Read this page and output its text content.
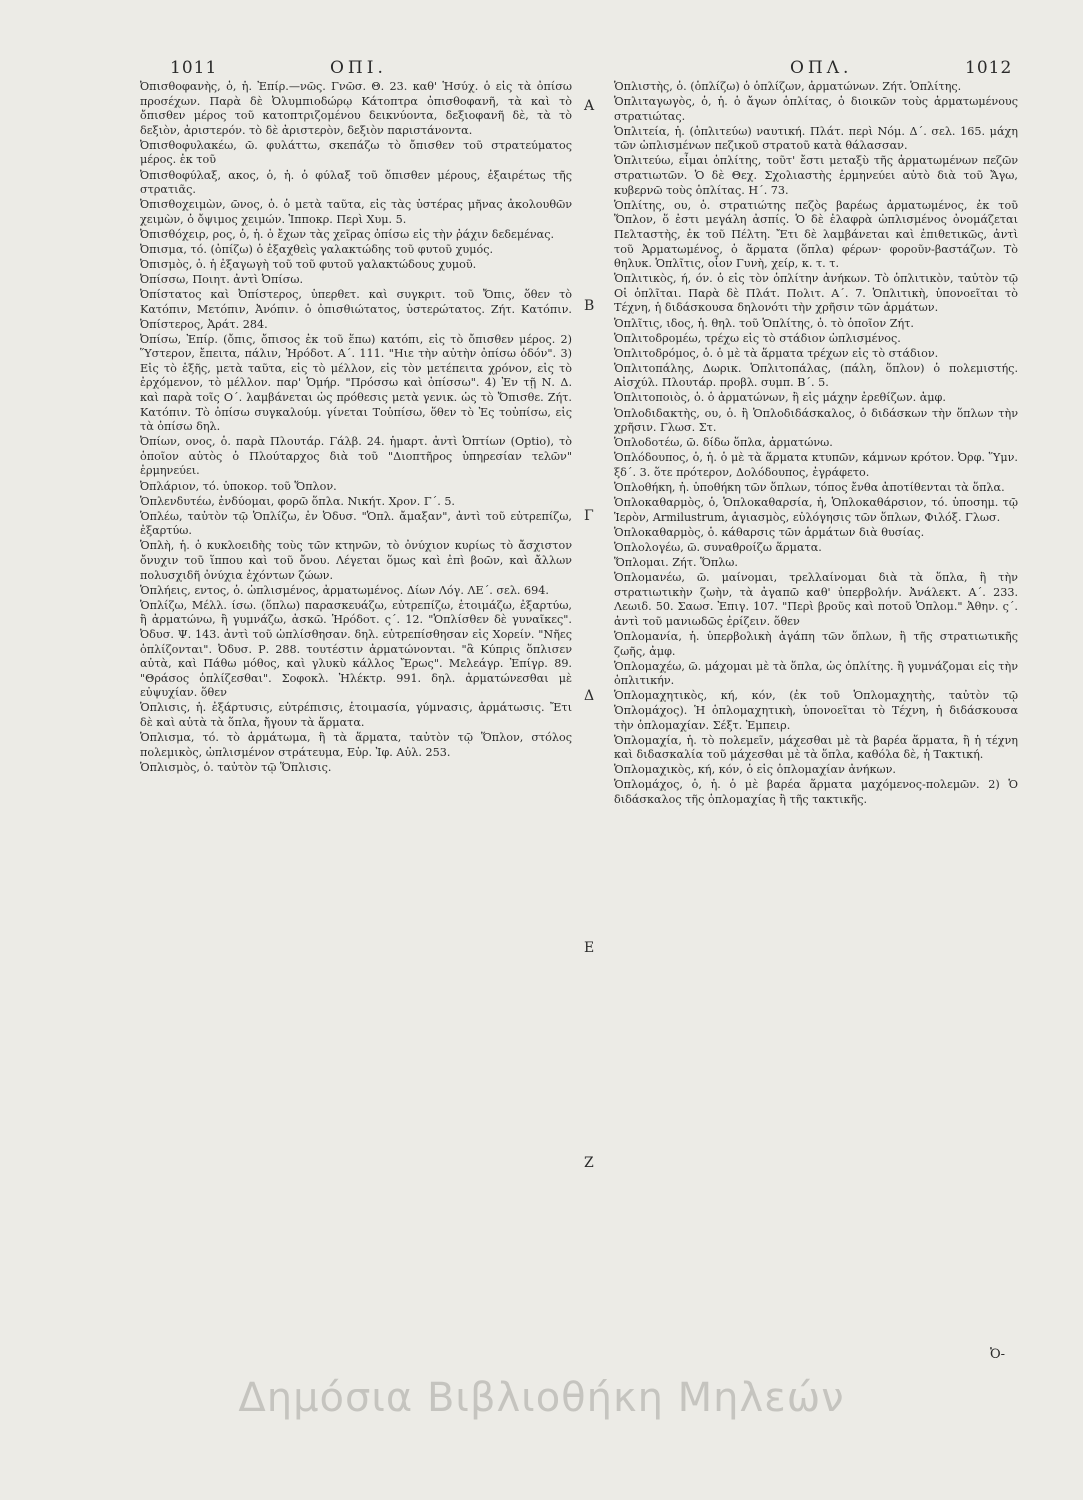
1011	ΟΠΙ.	ΟΠΛ.	1012

Ὀπισθοφανὴς, ὁ, ἡ. Ἐπίρ.—νῶς. Γνῶσ. Θ. 23. καθ' Ἡσύχ. ὁ εἰς τὰ ὀπίσω προσέχων. Παρὰ δὲ Ὀλυμπιοδώρῳ Κάτοπτρα ὀπισθοφανῆ, τὰ καὶ τὸ ὄπισθεν μέρος τοῦ κατοπτριζομένου δεικνύοντα, δεξιοφανῆ δὲ, τὰ τὸ δεξιὸν, ἀριστερόν. τὸ δὲ ἀριστερὸν, δεξιὸν παριστάνοντα.

Ὀπισθοφυλακέω, ῶ. φυλάττω, σκεπάζω τὸ ὄπισθεν τοῦ στρατεύματος μέρος. ἐκ τοῦ

Ὀπισθοφύλαξ, ακος, ὁ, ἡ. ὁ φύλαξ τοῦ ὄπισθεν μέρους, ἐξαιρέτως τῆς στρατιᾶς.

Ὀπισθοχειμὼν, ῶνος, ὁ. ὁ μετὰ ταῦτα, εἰς τὰς ὑστέρας μῆνας ἀκολουθῶν χειμὼν, ὁ ὄψιμος χειμών. Ἱπποκρ. Περὶ Χυμ. 5.

Ὀπισθόχειρ, ρος, ὁ, ἡ. ὁ ἔχων τὰς χεῖρας ὀπίσω εἰς τὴν ῥάχιν δεδεμένας.

Ὀπισμα, τό. (ὀπίζω) ὁ ἐξαχθεὶς γαλακτώδης τοῦ φυτοῦ χυμός.

Ὀπισμὸς, ὁ. ἡ ἐξαγωγὴ τοῦ τοῦ φυτοῦ γαλακτώδους χυμοῦ.

Ὀπίσσω, Ποιητ. ἀντὶ Ὀπίσω.

Ὀπίστατος καὶ Ὀπίστερος, ὑπερθετ. καὶ συγκριτ. τοῦ Ὄπις, ὅθεν τὸ Κατόπιν, Μετόπιν, Ἀνόπιν. ὁ ὀπισθιώτατος, ὑστερώτατος. Ζήτ. Κατόπιν. Ὀπίστερος, Ἀράτ. 284.

Ὀπίσω, Ἐπίρ. (ὄπις, ὄπισος ἐκ τοῦ ἕπω) κατόπι, εἰς τὸ ὄπισθεν μέρος. 2) Ὕστερον, ἔπειτα, πάλιν, Ἡρόδοτ. Α΄. 111. "Ηιε τὴν αὐτὴν ὀπίσω ὁδόν". 3) Εἰς τὸ ἑξῆς, μετὰ ταῦτα, εἰς τὸ μέλλον, εἰς τὸν μετέπειτα χρόνον, εἰς τὸ ἐρχόμενον, τὸ μέλλον. παρ' Ὁμήρ. "Πρόσσω καὶ ὀπίσσω". 4) Ἐν τῇ Ν. Δ. καὶ παρὰ τοῖς Ο΄. λαμβάνεται ὡς πρόθεσις μετὰ γενικ. ὡς τὸ Ὄπισθε. Ζήτ. Κατόπιν. Τὸ ὀπίσω συγκαλούμ. γίνεται Τοὐπίσω, ὅθεν τὸ Ἐς τοὐπίσω, εἰς τὰ ὀπίσω δηλ.

Ὀπίων, ονος, ὁ. παρὰ Πλουτάρ. Γάλβ. 24. ἡμαρτ. ἀντὶ Ὀπτίων (Optio), τὸ ὁποῖον αὐτὸς ὁ Πλούταρχος διὰ τοῦ "Διοπτῆρος ὑπηρεσίαν τελῶν" ἑρμηνεύει.

Ὀπλάριον, τό. ὑποκορ. τοῦ Ὅπλον.

Ὁπλενδυτέω, ἐνδύομαι, φορῶ ὅπλα. Νικήτ. Χρον. Γ΄. 5.

Ὁπλέω, ταὐτὸν τῷ Ὁπλίζω, ἐν Ὀδυσ. "Ὁπλ. ἄμαξαν", ἀντὶ τοῦ εὐτρεπίζω, ἐξαρτύω.

Ὁπλὴ, ἡ. ὁ κυκλοειδὴς τοὺς τῶν κτηνῶν, τὸ ὀνύχιον κυρίως τὸ ἄσχιστον ὄνυχιν τοῦ ἵππου καὶ τοῦ ὄνου. Λέγεται ὅμως καὶ ἐπὶ βοῶν, καὶ ἄλλων πολυσχιδῆ ὀνύχια ἐχόντων ζώων.

Ὁπλήεις, εντος, ὁ. ὡπλισμένος, ἀρματωμένος. Δίων Λόγ. ΛΕ΄. σελ. 694.

Ὁπλίζω, Μέλλ. ίσω. (ὅπλω) παρασκευάζω, εὐτρεπίζω, ἑτοιμάζω, ἐξαρτύω, ἢ ἀρματώνω, ἢ γυμνάζω, ἀσκῶ. Ἡρόδοτ. ς΄. 12. "Ὁπλίσθεν δὲ γυναῖκες". Ὀδυσ. Ψ. 143. ἀντὶ τοῦ ὡπλίσθησαν. δηλ. εὐτρεπίσθησαν εἰς Χορείν. "Νῆες ὁπλίζονται". Ὀδυσ. Ρ. 288. τουτέστιν ἀρματώνονται. "ἃ Κύπρις ὅπλισεν αὐτὰ, καὶ Πάθω μόθος, καὶ γλυκὺ κάλλος Ἔρως". Μελεάγρ. Ἐπίγρ. 89. "Θράσος ὁπλίζεσθαι". Σοφοκλ. Ἠλέκτρ. 991. δηλ. ἀρματώνεσθαι μὲ εὐψυχίαν. ὅθεν

Ὁπλισις, ἡ. ἐξάρτυσις, εὐτρέπισις, ἑτοιμασία, γύμνασις, ἀρμάτωσις. Ἔτι δὲ καὶ αὐτὰ τὰ ὅπλα, ἤγουν τὰ ἅρματα.

Ὁπλισμα, τό. τὸ ἁρμάτωμα, ἢ τὰ ἅρματα, ταὐτὸν τῷ Ὅπλον, στόλος πολεμικὸς, ὡπλισμένον στράτευμα, Εὐρ. Ἰφ. Αὐλ. 253.

Ὁπλισμὸς, ὁ. ταὐτὸν τῷ Ὅπλισις.

A
B
Γ
Δ
E
Z

Ὁπλιστὴς, ὁ. (ὁπλίζω) ὁ ὁπλίζων, ἀρματώνων. Ζήτ. Ὁπλίτης.

Ὁπλιταγωγὸς, ὁ, ἡ. ὁ ἄγων ὁπλίτας, ὁ διοικῶν τοὺς ἀρματωμένους στρατιώτας.

Ὁπλιτεία, ἡ. (ὁπλιτεύω) ναυτική. Πλάτ. περὶ Νόμ. Δ΄. σελ. 165. μάχη τῶν ὡπλισμένων πεζικοῦ στρατοῦ κατὰ θάλασσαν.

Ὁπλιτεύω, εἶμαι ὁπλίτης, τοῦτ' ἔστι μεταξὺ τῆς ἁρματωμένων πεζῶν στρατιωτῶν. Ὁ δὲ Θεχ. Σχολιαστὴς ἑρμηνεύει αὐτὸ διὰ τοῦ Ἄγω, κυβερνῶ τοὺς ὁπλίτας. Η΄. 73.

Ὁπλίτης, ου, ὁ. στρατιώτης πεζὸς βαρέως ἀρματωμένος, ἐκ τοῦ Ὅπλον, ὅ ἐστι μεγάλη ἀσπίς. Ὁ δὲ ἐλαφρὰ ὡπλισμένος ὀνομάζεται Πελταστὴς, ἐκ τοῦ Πέλτη. Ἔτι δὲ λαμβάνεται καὶ ἐπιθετικῶς, ἀντὶ τοῦ Ἀρματωμένος, ὁ ἅρματα (ὅπλα) φέρων· φοροῦν-βαστάζων. Τὸ θηλυκ. Ὁπλῖτις, οἷον Γυνὴ, χείρ, κ. τ. τ.

Ὁπλιτικὸς, ή, όν. ὁ εἰς τὸν ὁπλίτην ἀνήκων. Τὸ ὁπλιτικὸν, ταὐτὸν τῷ Οἱ ὁπλῖται. Παρὰ δὲ Πλάτ. Πολιτ. Α΄. 7. Ὁπλιτικὴ, ὑπονοεῖται τὸ Τέχνη, ἡ διδάσκουσα δηλονότι τὴν χρῆσιν τῶν ἁρμάτων.

Ὁπλῖτις, ιδος, ἡ. θηλ. τοῦ Ὁπλίτης, ὁ. τὸ ὁποῖον Ζήτ.

Ὁπλιτοδρομέω, τρέχω εἰς τὸ στάδιον ὡπλισμένος.

Ὁπλιτοδρόμος, ὁ. ὁ μὲ τὰ ἅρματα τρέχων εἰς τὸ στάδιον.

Ὁπλιτοπάλης, Δωρικ. Ὁπλιτοπάλας, (πάλη, ὅπλον) ὁ πολεμιστής. Αἰσχύλ. Πλουτάρ. προβλ. συμπ. Β΄. 5.

Ὁπλιτοποιὸς, ὁ. ὁ ἀρματώνων, ἢ εἰς μάχην ἐρεθίζων. ἀμφ.

Ὁπλοδιδακτὴς, ου, ὁ. ἢ Ὁπλοδιδάσκαλος, ὁ διδάσκων τὴν ὅπλων τὴν χρῆσιν. Γλωσ. Στ.

Ὁπλοδοτέω, ῶ. δίδω ὅπλα, ἀρματώνω.

Ὁπλόδουπος, ὁ, ἡ. ὁ μὲ τὰ ἅρματα κτυπῶν, κάμνων κρότον. Ὀρφ. Ὕμν. ξδ΄. 3. ὅτε πρότερον, Δολόδουπος, ἐγράφετο.

Ὁπλοθήκη, ἡ. ὑποθήκη τῶν ὅπλων, τόπος ἔνθα ἀποτίθενται τὰ ὅπλα.

Ὁπλοκαθαρμὸς, ὁ, Ὁπλοκαθαρσία, ἡ, Ὁπλοκαθάρσιον, τό. ὑποσημ. τῷ Ἱερὸν, Armilustrum, ἁγιασμὸς, εὐλόγησις τῶν ὅπλων, Φιλόξ. Γλωσ.

Ὁπλοκαθαρμὸς, ὁ. κάθαρσις τῶν ἁρμάτων διὰ θυσίας.

Ὁπλολογέω, ῶ. συναθροίζω ἅρματα.

Ὅπλομαι. Ζήτ. Ὅπλω.

Ὁπλομανέω, ῶ. μαίνομαι, τρελλαίνομαι διὰ τὰ ὅπλα, ἢ τὴν στρατιωτικὴν ζωὴν, τὰ ἀγαπῶ καθ' ὑπερβολήν. Ἀνάλεκτ. Α΄. 233. Λεωιδ. 50. Σαωσ. Ἐπιγ. 107. "Περὶ βροῦς καὶ ποτοῦ Ὁπλομ." Ἀθην. ς΄. ἀντὶ τοῦ μανιωδῶς ἐρίζειν. ὅθεν

Ὁπλομανία, ἡ. ὑπερβολικὴ ἀγάπη τῶν ὅπλων, ἢ τῆς στρατιωτικῆς ζωῆς, ἀμφ.

Ὁπλομαχέω, ῶ. μάχομαι μὲ τὰ ὅπλα, ὡς ὁπλίτης. ἢ γυμνάζομαι εἰς τὴν ὁπλιτικήν.

Ὁπλομαχητικὸς, κή, κόν, (ἐκ τοῦ Ὁπλομαχητὴς, ταὐτὸν τῷ Ὁπλομάχος). Ἡ ὁπλομαχητικὴ, ὑπονοεῖται τὸ Τέχνη, ἡ διδάσκουσα τὴν ὁπλομαχίαν. Σέξτ. Ἐμπειρ.

Ὁπλομαχία, ἡ. τὸ πολεμεῖν, μάχεσθαι μὲ τὰ βαρέα ἅρματα, ἢ ἡ τέχνη καὶ διδασκαλία τοῦ μάχεσθαι μὲ τὰ ὅπλα, καθόλα δὲ, ἡ Τακτική.

Ὁπλομαχικὸς, κή, κόν, ὁ εἰς ὁπλομαχίαν ἀνήκων.

Ὁπλομάχος, ὁ, ἡ. ὁ μὲ βαρέα ἅρματα μαχόμενος-πολεμῶν. 2) Ὁ διδάσκαλος τῆς ὁπλομαχίας ἢ τῆς τακτικῆς.

Ὀ-
Δημόσια Βιβλιοθήκη Μηλεών
